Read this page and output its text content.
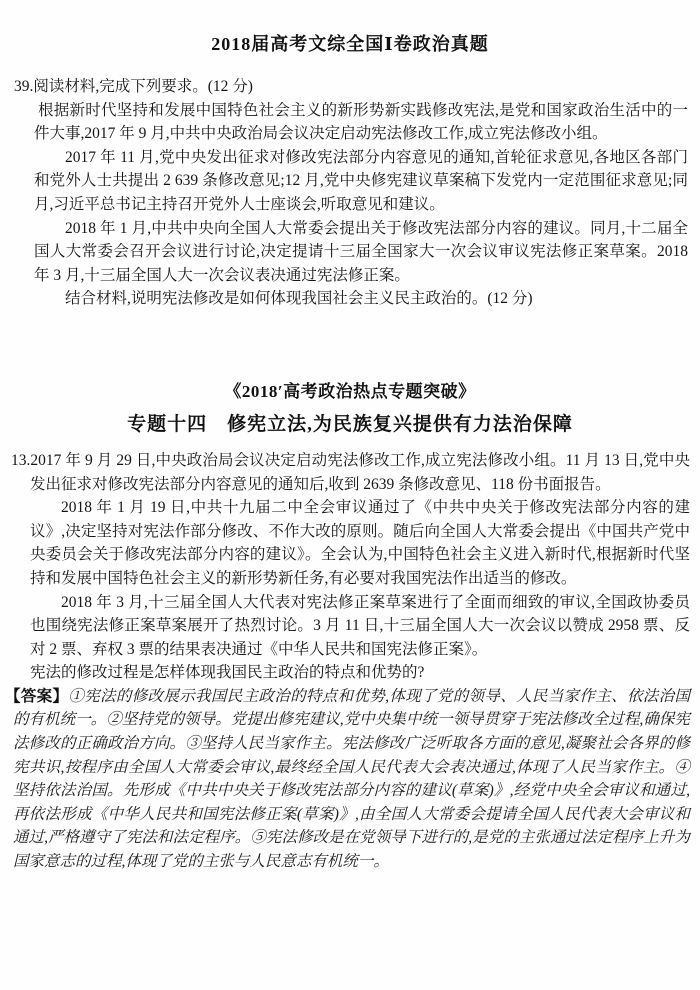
2018届高考文综全国Ⅰ卷政治真题

39.阅读材料,完成下列要求。(12 分)

根据新时代坚持和发展中国特色社会主义的新形势新实践修改宪法,是党和国家政治生活中的一件大事,2017 年 9 月,中共中央政治局会议决定启动宪法修改工作,成立宪法修改小组。

2017 年 11 月,党中央发出征求对修改宪法部分内容意见的通知,首轮征求意见,各地区各部门和党外人士共提出 2 639 条修改意见;12 月,党中央修宪建议草案稿下发党内一定范围征求意见;同月,习近平总书记主持召开党外人士座谈会,听取意见和建议。

2018 年 1 月,中共中央向全国人大常委会提出关于修改宪法部分内容的建议。同月,十二届全国人大常委会召开会议进行讨论,决定提请十三届全国家大一次会议审议宪法修正案草案。2018 年 3 月,十三届全国人大一次会议表决通过宪法修正案。

结合材料,说明宪法修改是如何体现我国社会主义民主政治的。(12 分)

《2018′高考政治热点专题突破》
专题十四　修宪立法,为民族复兴提供有力法治保障

13.2017 年 9 月 29 日,中央政治局会议决定启动宪法修改工作,成立宪法修改小组。11 月 13 日,党中央发出征求对修改宪法部分内容意见的通知后,收到 2639 条修改意见、118 份书面报告。

2018 年 1 月 19 日,中共十九届二中全会审议通过了《中共中央关于修改宪法部分内容的建议》,决定坚持对宪法作部分修改、不作大改的原则。随后向全国人大常委会提出《中国共产党中央委员会关于修改宪法部分内容的建议》。全会认为,中国特色社会主义进入新时代,根据新时代坚持和发展中国特色社会主义的新形势新任务,有必要对我国宪法作出适当的修改。

2018 年 3 月,十三届全国人大代表对宪法修正案草案进行了全面而细致的审议,全国政协委员也围绕宪法修正案草案展开了热烈讨论。3 月 11 日,十三届全国人大一次会议以赞成 2958 票、反对 2 票、弃权 3 票的结果表决通过《中华人民共和国宪法修正案》。

宪法的修改过程是怎样体现我国民主政治的特点和优势的?

【答案】①宪法的修改展示我国民主政治的特点和优势,体现了党的领导、人民当家作主、依法治国的有机统一。②坚持党的领导。党提出修宪建议,党中央集中统一领导贯穿于宪法修改全过程,确保宪法修改的正确政治方向。③坚持人民当家作主。宪法修改广泛听取各方面的意见,凝聚社会各界的修宪共识,按程序由全国人大常委会审议,最终经全国人民代表大会表决通过,体现了人民当家作主。④坚持依法治国。先形成《中共中央关于修改宪法部分内容的建议(草案)》,经党中央全会审议和通过,再依法形成《中华人民共和国宪法修正案(草案)》,由全国人大常委会提请全国人民代表大会审议和通过,严格遵守了宪法和法定程序。⑤宪法修改是在党领导下进行的,是党的主张通过法定程序上升为国家意志的过程,体现了党的主张与人民意志有机统一。
